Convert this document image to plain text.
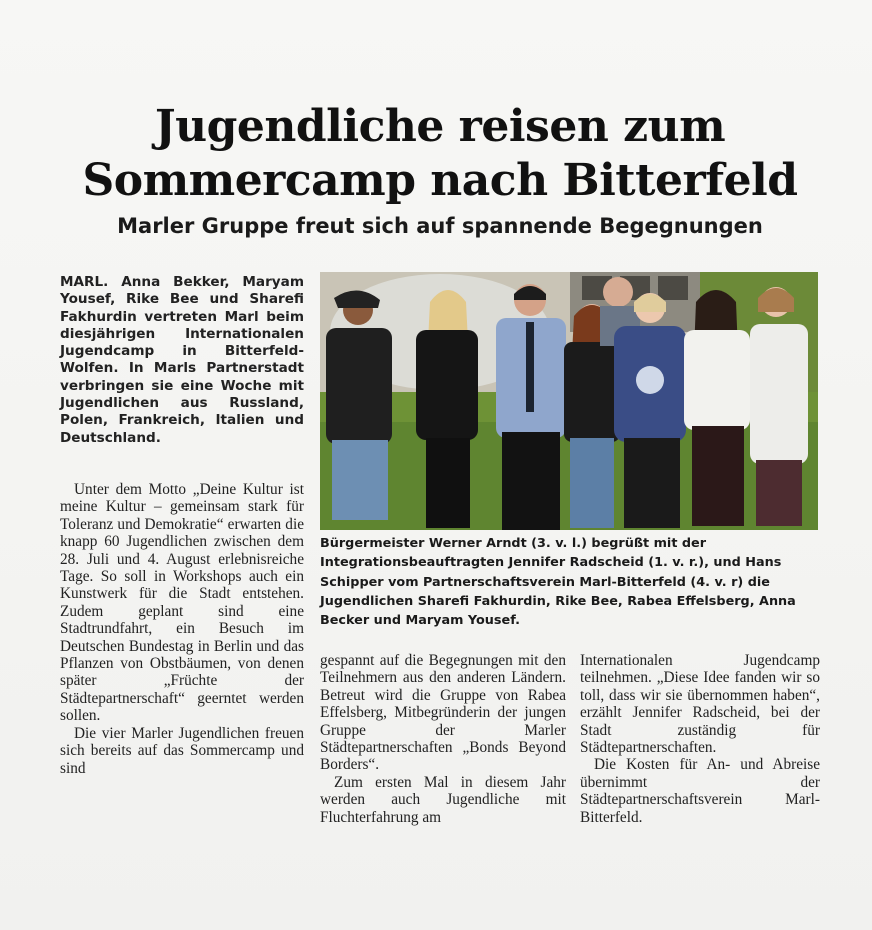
Jugendliche reisen zum
Sommercamp nach Bitterfeld
Marler Gruppe freut sich auf spannende Begegnungen

MARL. Anna Bekker, Maryam Yousef, Rike Bee und Sharefi Fakhurdin vertreten Marl beim diesjährigen Internationalen Jugendcamp in Bitterfeld-Wolfen. In Marls Partnerstadt verbringen sie eine Woche mit Jugendlichen aus Russland, Polen, Frankreich, Italien und Deutschland.

Unter dem Motto „Deine Kultur ist meine Kultur – gemeinsam stark für Toleranz und Demokratie“ erwarten die knapp 60 Jugendlichen zwischen dem 28. Juli und 4. August erlebnisreiche Tage. So soll in Workshops auch ein Kunstwerk für die Stadt entstehen. Zudem geplant sind eine Stadtrundfahrt, ein Besuch im Deutschen Bundestag in Berlin und das Pflanzen von Obstbäumen, von denen später „Früchte der Städtepartnerschaft“ geerntet werden sollen.

Die vier Marler Jugendlichen freuen sich bereits auf das Sommercamp und sind

Bürgermeister Werner Arndt (3. v. l.) begrüßt mit der Integrationsbeauftragten Jennifer Radscheid (1. v. r.), und Hans Schipper vom Partnerschaftsverein Marl-Bitterfeld (4. v. r) die Jugendlichen Sharefi Fakhurdin, Rike Bee, Rabea Effelsberg, Anna Becker und Maryam Yousef.

gespannt auf die Begegnungen mit den Teilnehmern aus den anderen Ländern. Betreut wird die Gruppe von Rabea Effelsberg, Mitbegründerin der jungen Gruppe der Marler Städtepartnerschaften „Bonds Beyond Borders“.

Zum ersten Mal in diesem Jahr werden auch Jugendliche mit Fluchterfahrung am

Internationalen Jugendcamp teilnehmen. „Diese Idee fanden wir so toll, dass wir sie übernommen haben“, erzählt Jennifer Radscheid, bei der Stadt zuständig für Städtepartnerschaften.

Die Kosten für An- und Abreise übernimmt der Städtepartnerschaftsverein Marl-Bitterfeld.
